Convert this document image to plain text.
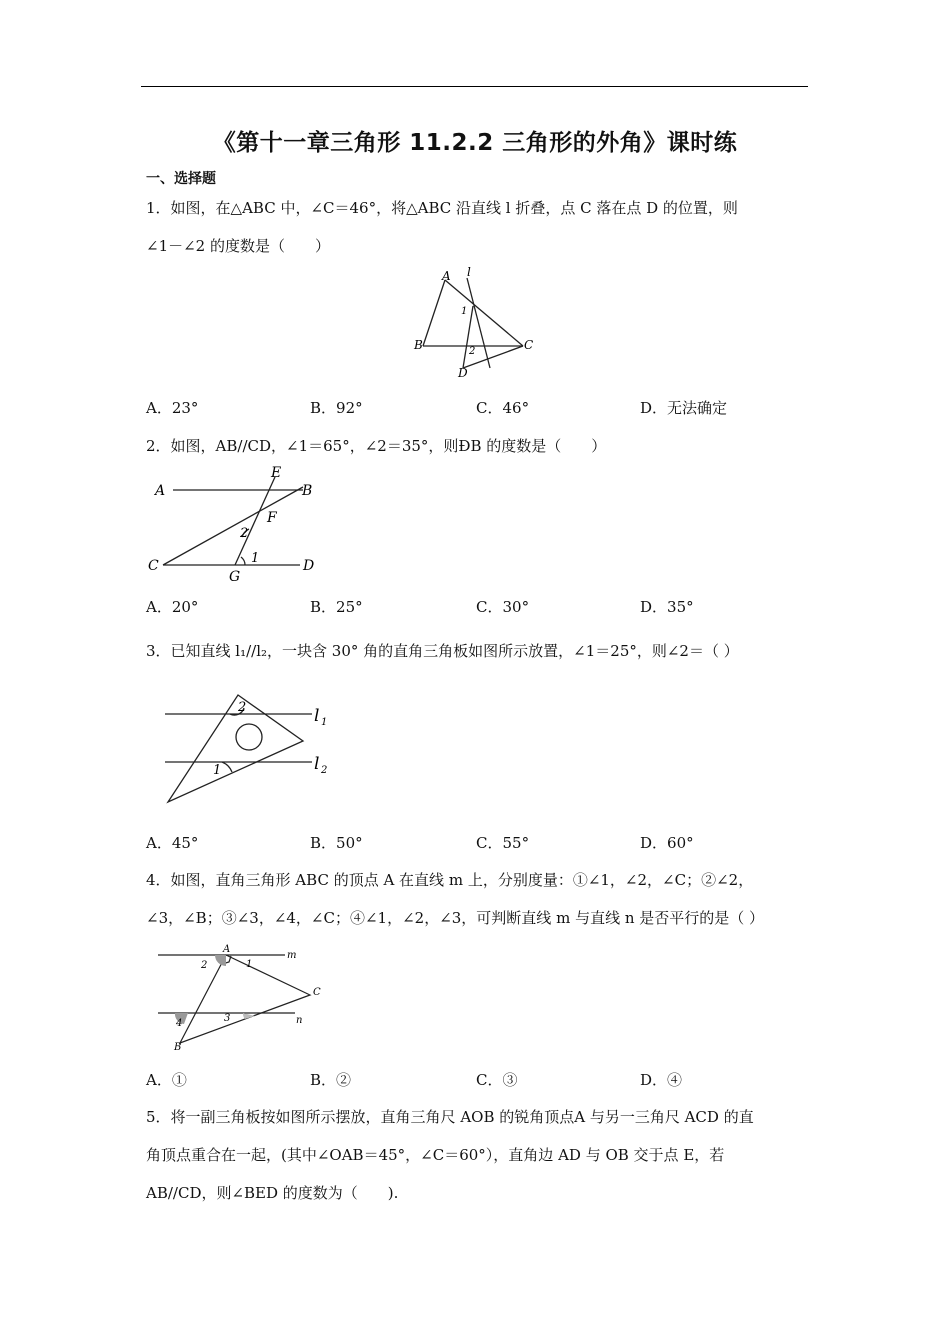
《第十一章三角形 11.2.2 三角形的外角》课时练
一、选择题
1．如图，在△ABC 中，∠C＝46°，将△ABC 沿直线 l 折叠，点 C 落在点 D 的位置，则
∠1－∠2 的度数是（　　）
A l
1
B	2	C
D
A．23°	B．92°	C．46°	D．无法确定
2．如图，AB//CD，∠1＝65°，∠2＝35°，则ÐB 的度数是（　　）
A
E
B
F
2
C	1
G
D
A．20°	B．25°	C．30°	D．35°
3．已知直线 l₁//l₂，一块含 30° 角的直角三角板如图所示放置，∠1＝25°，则∠2＝（ ）
2	l 1
l 2
1
A．45°	B．50°	C．55°	D．60°
4．如图，直角三角形 ABC 的顶点 A 在直线 m 上，分别度量：①∠1，∠2，∠C；②∠2，
∠3，∠B；③∠3，∠4，∠C；④∠1，∠2，∠3，可判断直线 m 与直线 n 是否平行的是（ ）
A
m
2	1
C
4	3	n
B
A．①	B．②	C．③	D．④
5．将一副三角板按如图所示摆放，直角三角尺 AOB 的锐角顶点A 与另一三角尺 ACD 的直
角顶点重合在一起，(其中∠OAB＝45°，∠C＝60°），直角边 AD 与 OB 交于点 E，若
AB//CD，则∠BED 的度数为（　　).
